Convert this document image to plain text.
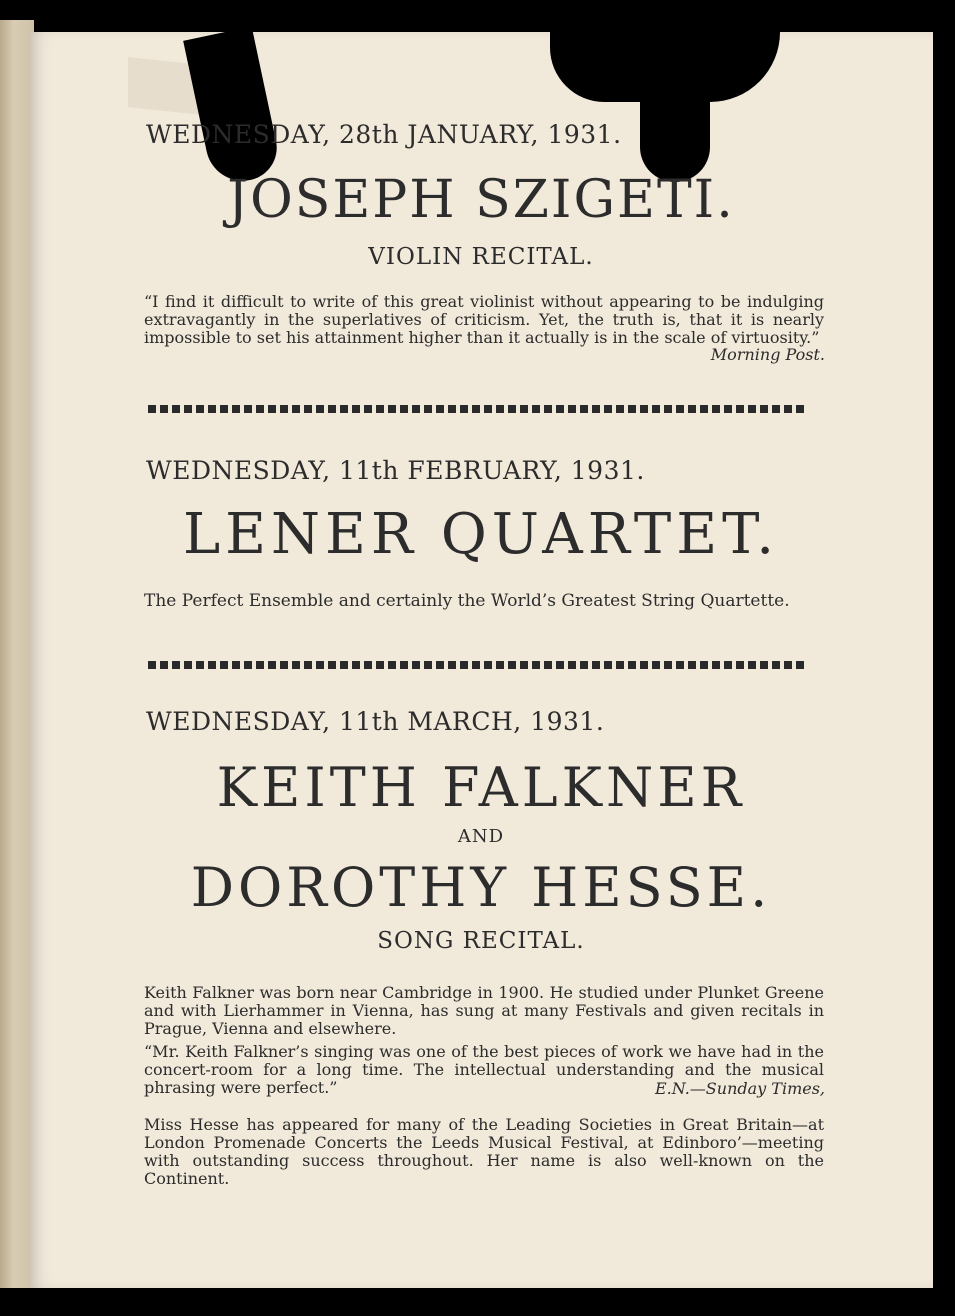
WEDNESDAY, 28th JANUARY, 1931.
JOSEPH SZIGETI.
VIOLIN RECITAL.
“I find it difficult to write of this great violinist without appearing to be indulging extravagantly in the superlatives of criticism. Yet, the truth is, that it is nearly impossible to set his attainment higher than it actually is in the scale of virtuosity.”
Morning Post.
WEDNESDAY, 11th FEBRUARY, 1931.
LENER QUARTET.
The Perfect Ensemble and certainly the World’s Greatest String Quartette.
WEDNESDAY, 11th MARCH, 1931.
KEITH FALKNER
AND
DOROTHY HESSE.
SONG RECITAL.
Keith Falkner was born near Cambridge in 1900. He studied under Plunket Greene and with Lierhammer in Vienna, has sung at many Festivals and given recitals in Prague, Vienna and elsewhere.
“Mr. Keith Falkner’s singing was one of the best pieces of work we have had in the concert-room for a long time. The intellectual understanding and the musical phrasing were perfect.”	E.N.—Sunday Times,
Miss Hesse has appeared for many of the Leading Societies in Great Britain—at London Promenade Concerts the Leeds Musical Festival, at Edinboro’—meeting with outstanding success throughout. Her name is also well-known on the Continent.
